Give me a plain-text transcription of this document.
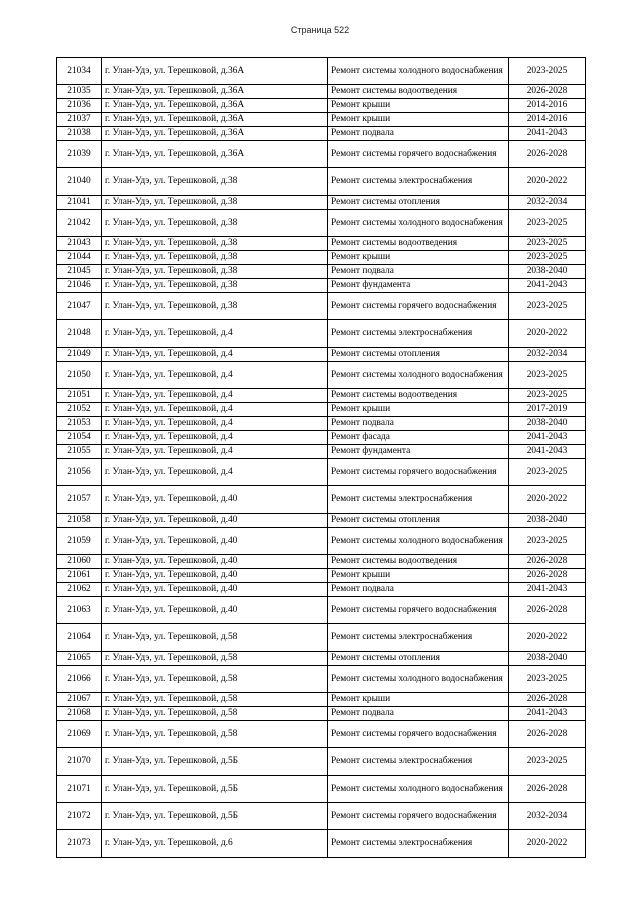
Страница 522
21034	г. Улан-Удэ, ул. Терешковой, д.36А	Ремонт системы холодного водоснабжения	2023-2025
21035	г. Улан-Удэ, ул. Терешковой, д.36А	Ремонт системы водоотведения	2026-2028
21036	г. Улан-Удэ, ул. Терешковой, д.36А	Ремонт крыши	2014-2016
21037	г. Улан-Удэ, ул. Терешковой, д.36А	Ремонт крыши	2014-2016
21038	г. Улан-Удэ, ул. Терешковой, д.36А	Ремонт подвала	2041-2043
21039	г. Улан-Удэ, ул. Терешковой, д.36А	Ремонт системы горячего водоснабжения	2026-2028
21040	г. Улан-Удэ, ул. Терешковой, д.38	Ремонт системы электроснабжения	2020-2022
21041	г. Улан-Удэ, ул. Терешковой, д.38	Ремонт системы отопления	2032-2034
21042	г. Улан-Удэ, ул. Терешковой, д.38	Ремонт системы холодного водоснабжения	2023-2025
21043	г. Улан-Удэ, ул. Терешковой, д.38	Ремонт системы водоотведения	2023-2025
21044	г. Улан-Удэ, ул. Терешковой, д.38	Ремонт крыши	2023-2025
21045	г. Улан-Удэ, ул. Терешковой, д.38	Ремонт подвала	2038-2040
21046	г. Улан-Удэ, ул. Терешковой, д.38	Ремонт фундамента	2041-2043
21047	г. Улан-Удэ, ул. Терешковой, д.38	Ремонт системы горячего водоснабжения	2023-2025
21048	г. Улан-Удэ, ул. Терешковой, д.4	Ремонт системы электроснабжения	2020-2022
21049	г. Улан-Удэ, ул. Терешковой, д.4	Ремонт системы отопления	2032-2034
21050	г. Улан-Удэ, ул. Терешковой, д.4	Ремонт системы холодного водоснабжения	2023-2025
21051	г. Улан-Удэ, ул. Терешковой, д.4	Ремонт системы водоотведения	2023-2025
21052	г. Улан-Удэ, ул. Терешковой, д.4	Ремонт крыши	2017-2019
21053	г. Улан-Удэ, ул. Терешковой, д.4	Ремонт подвала	2038-2040
21054	г. Улан-Удэ, ул. Терешковой, д.4	Ремонт фасада	2041-2043
21055	г. Улан-Удэ, ул. Терешковой, д.4	Ремонт фундамента	2041-2043
21056	г. Улан-Удэ, ул. Терешковой, д.4	Ремонт системы горячего водоснабжения	2023-2025
21057	г. Улан-Удэ, ул. Терешковой, д.40	Ремонт системы электроснабжения	2020-2022
21058	г. Улан-Удэ, ул. Терешковой, д.40	Ремонт системы отопления	2038-2040
21059	г. Улан-Удэ, ул. Терешковой, д.40	Ремонт системы холодного водоснабжения	2023-2025
21060	г. Улан-Удэ, ул. Терешковой, д.40	Ремонт системы водоотведения	2026-2028
21061	г. Улан-Удэ, ул. Терешковой, д.40	Ремонт крыши	2026-2028
21062	г. Улан-Удэ, ул. Терешковой, д.40	Ремонт подвала	2041-2043
21063	г. Улан-Удэ, ул. Терешковой, д.40	Ремонт системы горячего водоснабжения	2026-2028
21064	г. Улан-Удэ, ул. Терешковой, д.58	Ремонт системы электроснабжения	2020-2022
21065	г. Улан-Удэ, ул. Терешковой, д.58	Ремонт системы отопления	2038-2040
21066	г. Улан-Удэ, ул. Терешковой, д.58	Ремонт системы холодного водоснабжения	2023-2025
21067	г. Улан-Удэ, ул. Терешковой, д.58	Ремонт крыши	2026-2028
21068	г. Улан-Удэ, ул. Терешковой, д.58	Ремонт подвала	2041-2043
21069	г. Улан-Удэ, ул. Терешковой, д.58	Ремонт системы горячего водоснабжения	2026-2028
21070	г. Улан-Удэ, ул. Терешковой, д.5Б	Ремонт системы электроснабжения	2023-2025
21071	г. Улан-Удэ, ул. Терешковой, д.5Б	Ремонт системы холодного водоснабжения	2026-2028
21072	г. Улан-Удэ, ул. Терешковой, д.5Б	Ремонт системы горячего водоснабжения	2032-2034
21073	г. Улан-Удэ, ул. Терешковой, д.6	Ремонт системы электроснабжения	2020-2022
